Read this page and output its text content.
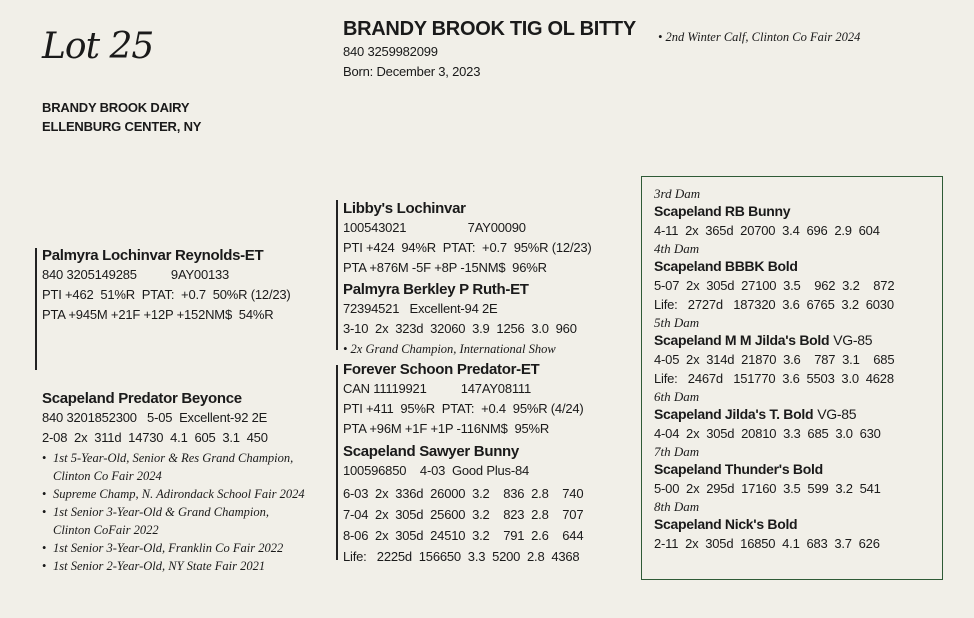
Lot 25
BRANDY BROOK DAIRY
ELLENBURG CENTER, NY
BRANDY BROOK TIG OL BITTY
840 3259982099
Born: December 3, 2023
• 2nd Winter Calf, Clinton Co Fair 2024
Palmyra Lochinvar Reynolds-ET
840 3205149285          9AY00133
PTI +462  51%R  PTAT:  +0.7  50%R (12/23)
PTA +945M +21F +12P +152NM$  54%R
Scapeland Predator Beyonce
840 3201852300   5-05  Excellent-92 2E
2-08  2x  311d  14730  4.1  605  3.1  450
• 1st 5-Year-Old, Senior & Res Grand Champion,
Clinton Co Fair 2024
• Supreme Champ, N. Adirondack School Fair 2024
• 1st Senior 3-Year-Old & Grand Champion,
Clinton CoFair 2022
• 1st Senior 3-Year-Old, Franklin Co Fair 2022
• 1st Senior 2-Year-Old, NY State Fair 2021
Libby's Lochinvar
100543021                  7AY00090
PTI +424  94%R  PTAT:  +0.7  95%R (12/23)
PTA +876M -5F +8P -15NM$  96%R
Palmyra Berkley P Ruth-ET
72394521   Excellent-94 2E
3-10  2x  323d  32060  3.9  1256  3.0  960
• 2x Grand Champion, International Show
Forever Schoon Predator-ET
CAN 11119921          147AY08111
PTI +411  95%R  PTAT:  +0.4  95%R (4/24)
PTA +96M +1F +1P -116NM$  95%R
Scapeland Sawyer Bunny
100596850    4-03  Good Plus-84
6-03  2x  336d  26000  3.2    836  2.8    740
7-04  2x  305d  25600  3.2    823  2.8    707
8-06  2x  305d  24510  3.2    791  2.6    644
Life:   2225d  156650  3.3  5200  2.8  4368
3rd Dam
Scapeland RB Bunny
4-11  2x  365d  20700  3.4  696  2.9  604
4th Dam
Scapeland BBBK Bold
5-07  2x  305d  27100  3.5    962  3.2    872
Life:   2727d   187320  3.6  6765  3.2  6030
5th Dam
Scapeland M M Jilda's Bold VG-85
4-05  2x  314d  21870  3.6    787  3.1    685
Life:   2467d   151770  3.6  5503  3.0  4628
6th Dam
Scapeland Jilda's T. Bold VG-85
4-04  2x  305d  20810  3.3  685  3.0  630
7th Dam
Scapeland Thunder's Bold
5-00  2x  295d  17160  3.5  599  3.2  541
8th Dam
Scapeland Nick's Bold
2-11  2x  305d  16850  4.1  683  3.7  626
